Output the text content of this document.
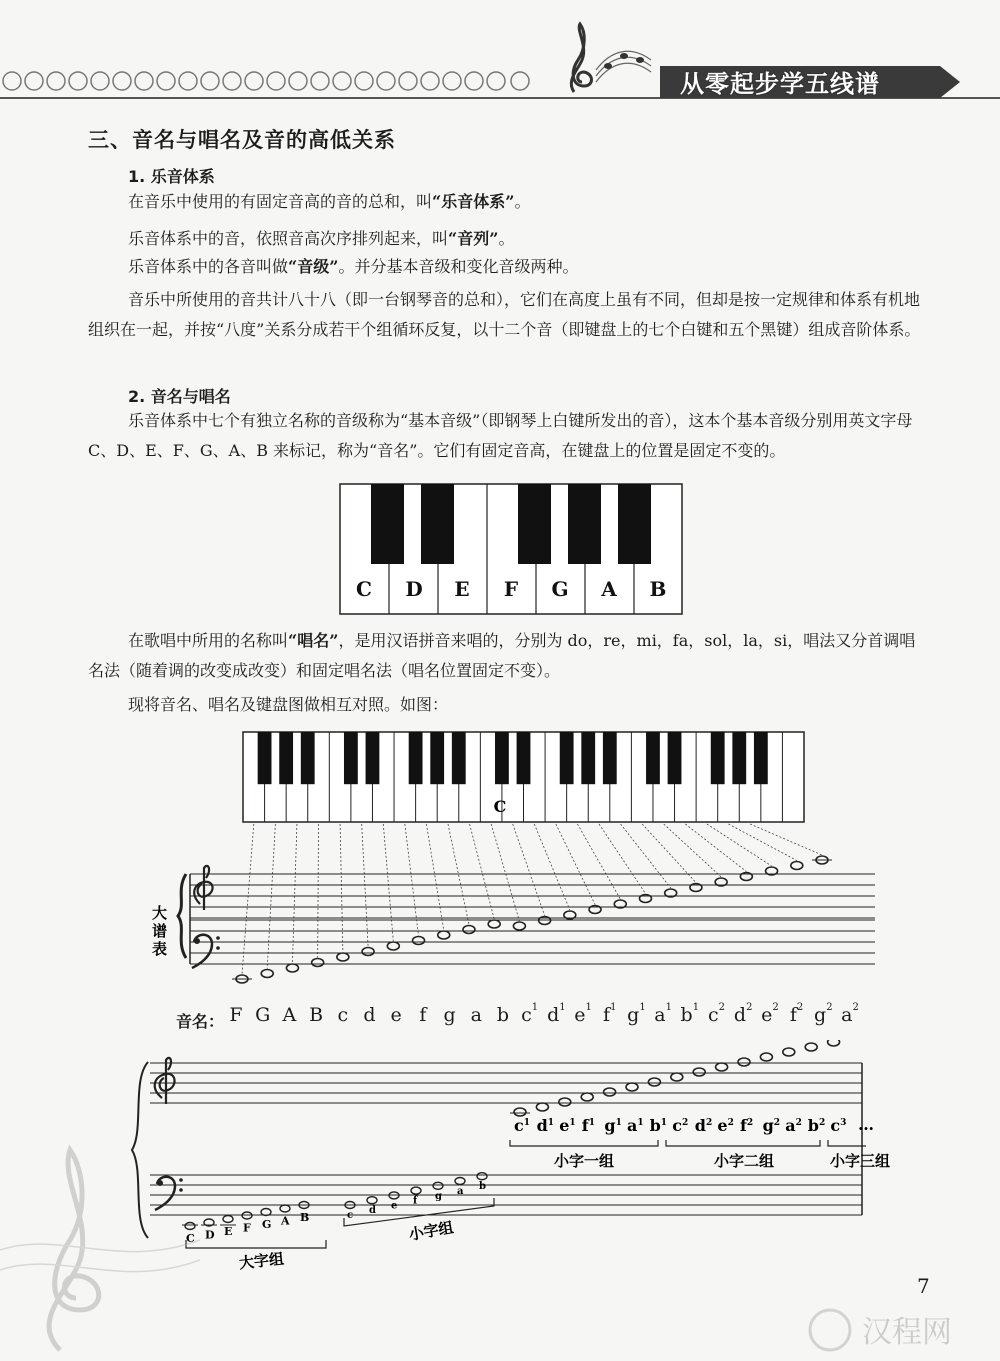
从零起步学五线谱
三、音名与唱名及音的高低关系
1. 乐音体系
在音乐中使用的有固定音高的音的总和，叫“乐音体系”。
乐音体系中的音，依照音高次序排列起来，叫“音列”。
乐音体系中的各音叫做“音级”。并分基本音级和变化音级两种。
音乐中所使用的音共计八十八（即一台钢琴音的总和），它们在高度上虽有不同，但却是按一定规律和体系有机地组织在一起，并按“八度”关系分成若干个组循环反复，以十二个音（即键盘上的七个白键和五个黑键）组成音阶体系。
2. 音名与唱名
乐音体系中七个有独立名称的音级称为“基本音级”（即钢琴上白键所发出的音），这本个基本音级分别用英文字母 C、D、E、F、G、A、B 来标记，称为“音名”。它们有固定音高，在键盘上的位置是固定不变的。
C D E F G A B
在歌唱中所用的名称叫“唱名”，是用汉语拼音来唱的，分别为 do，re，mi，fa，sol，la，si，唱法又分首调唱名法（随着调的改变成改变）和固定唱名法（唱名位置固定不变）。
现将音名、唱名及键盘图做相互对照。如图：
C
大
谱
表
音名： F G A B c d e f g a b $c^1$ $d^1$ $e^1$ $f^1$ $g^1$ $a^1$ $b^1$ $c^2$ $d^2$ $e^2$ $f^2$ $g^2$ $a^2$
$c^1$ $d^1$ $e^1$ $f^1$ $g^1$ $a^1$ $b^1$ $c^2$ $d^2$ $e^2$ $f^2$ $g^2$ $a^2$ $b^2$ $c^3$
C D E F G A B	c d e f g a b
小字一组	小字二组	小字三组
大字组
小字组
…
7
汉程网
